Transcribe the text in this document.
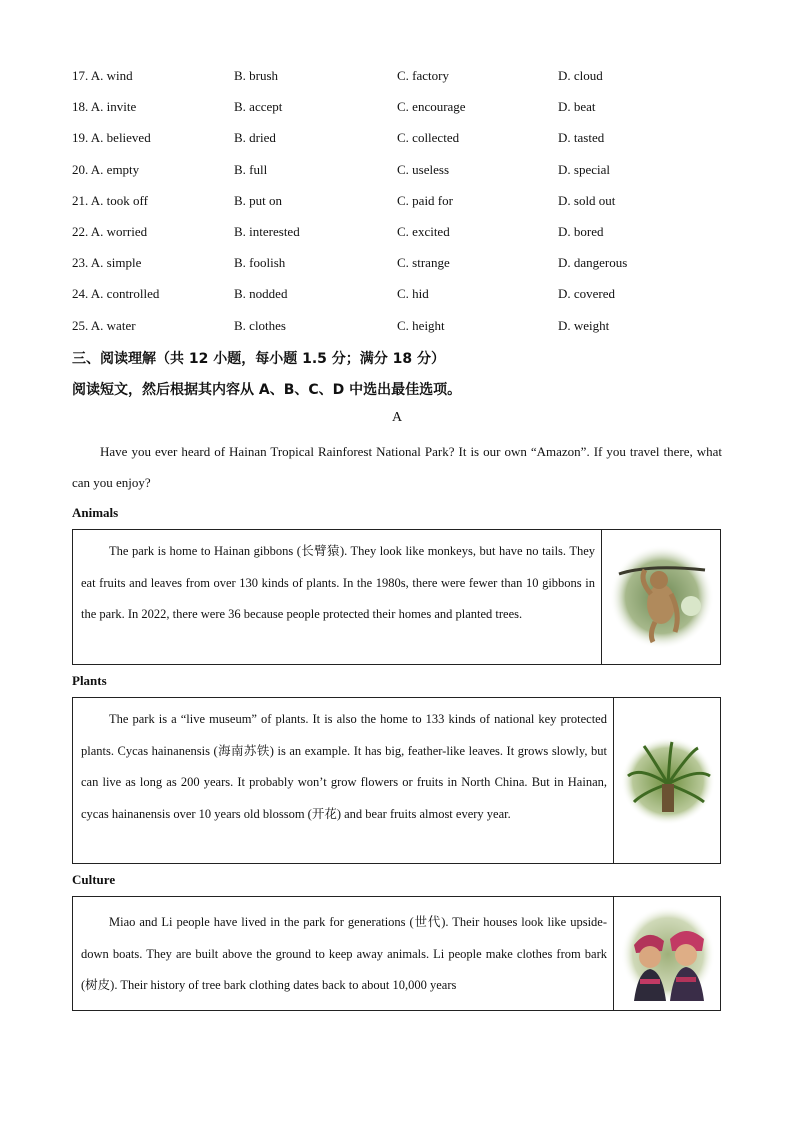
17. A. wind	B. brush	C. factory	D. cloud
18. A. invite	B. accept	C. encourage	D. beat
19. A. believed	B. dried	C. collected	D. tasted
20. A. empty	B. full	C. useless	D. special
21. A. took off	B. put on	C. paid for	D. sold out
22. A. worried	B. interested	C. excited	D. bored
23. A. simple	B. foolish	C. strange	D. dangerous
24. A. controlled	B. nodded	C. hid	D. covered
25. A. water	B. clothes	C. height	D. weight
三、阅读理解（共 12 小题，每小题 1.5 分；满分 18 分）
阅读短文，然后根据其内容从 A、B、C、D 中选出最佳选项。
A
Have you ever heard of Hainan Tropical Rainforest National Park? It is our own “Amazon”. If you travel there, what can you enjoy?
Animals
The park is home to Hainan gibbons (长臂猿). They look like monkeys, but have no tails. They eat fruits and leaves from over 130 kinds of plants. In the 1980s, there were fewer than 10 gibbons in the park. In 2022, there were 36 because people protected their homes and planted trees.
Plants
The park is a “live museum” of plants. It is also the home to 133 kinds of national key protected plants. Cycas hainanensis (海南苏铁) is an example. It has big, feather-like leaves. It grows slowly, but can live as long as 200 years. It probably won’t grow flowers or fruits in North China. But in Hainan, cycas hainanensis over 10 years old blossom (开花) and bear fruits almost every year.
Culture
Miao and Li people have lived in the park for generations (世代). Their houses look like upside-down boats. They are built above the ground to keep away animals. Li people make clothes from bark (树皮). Their history of tree bark clothing dates back to about 10,000 years
